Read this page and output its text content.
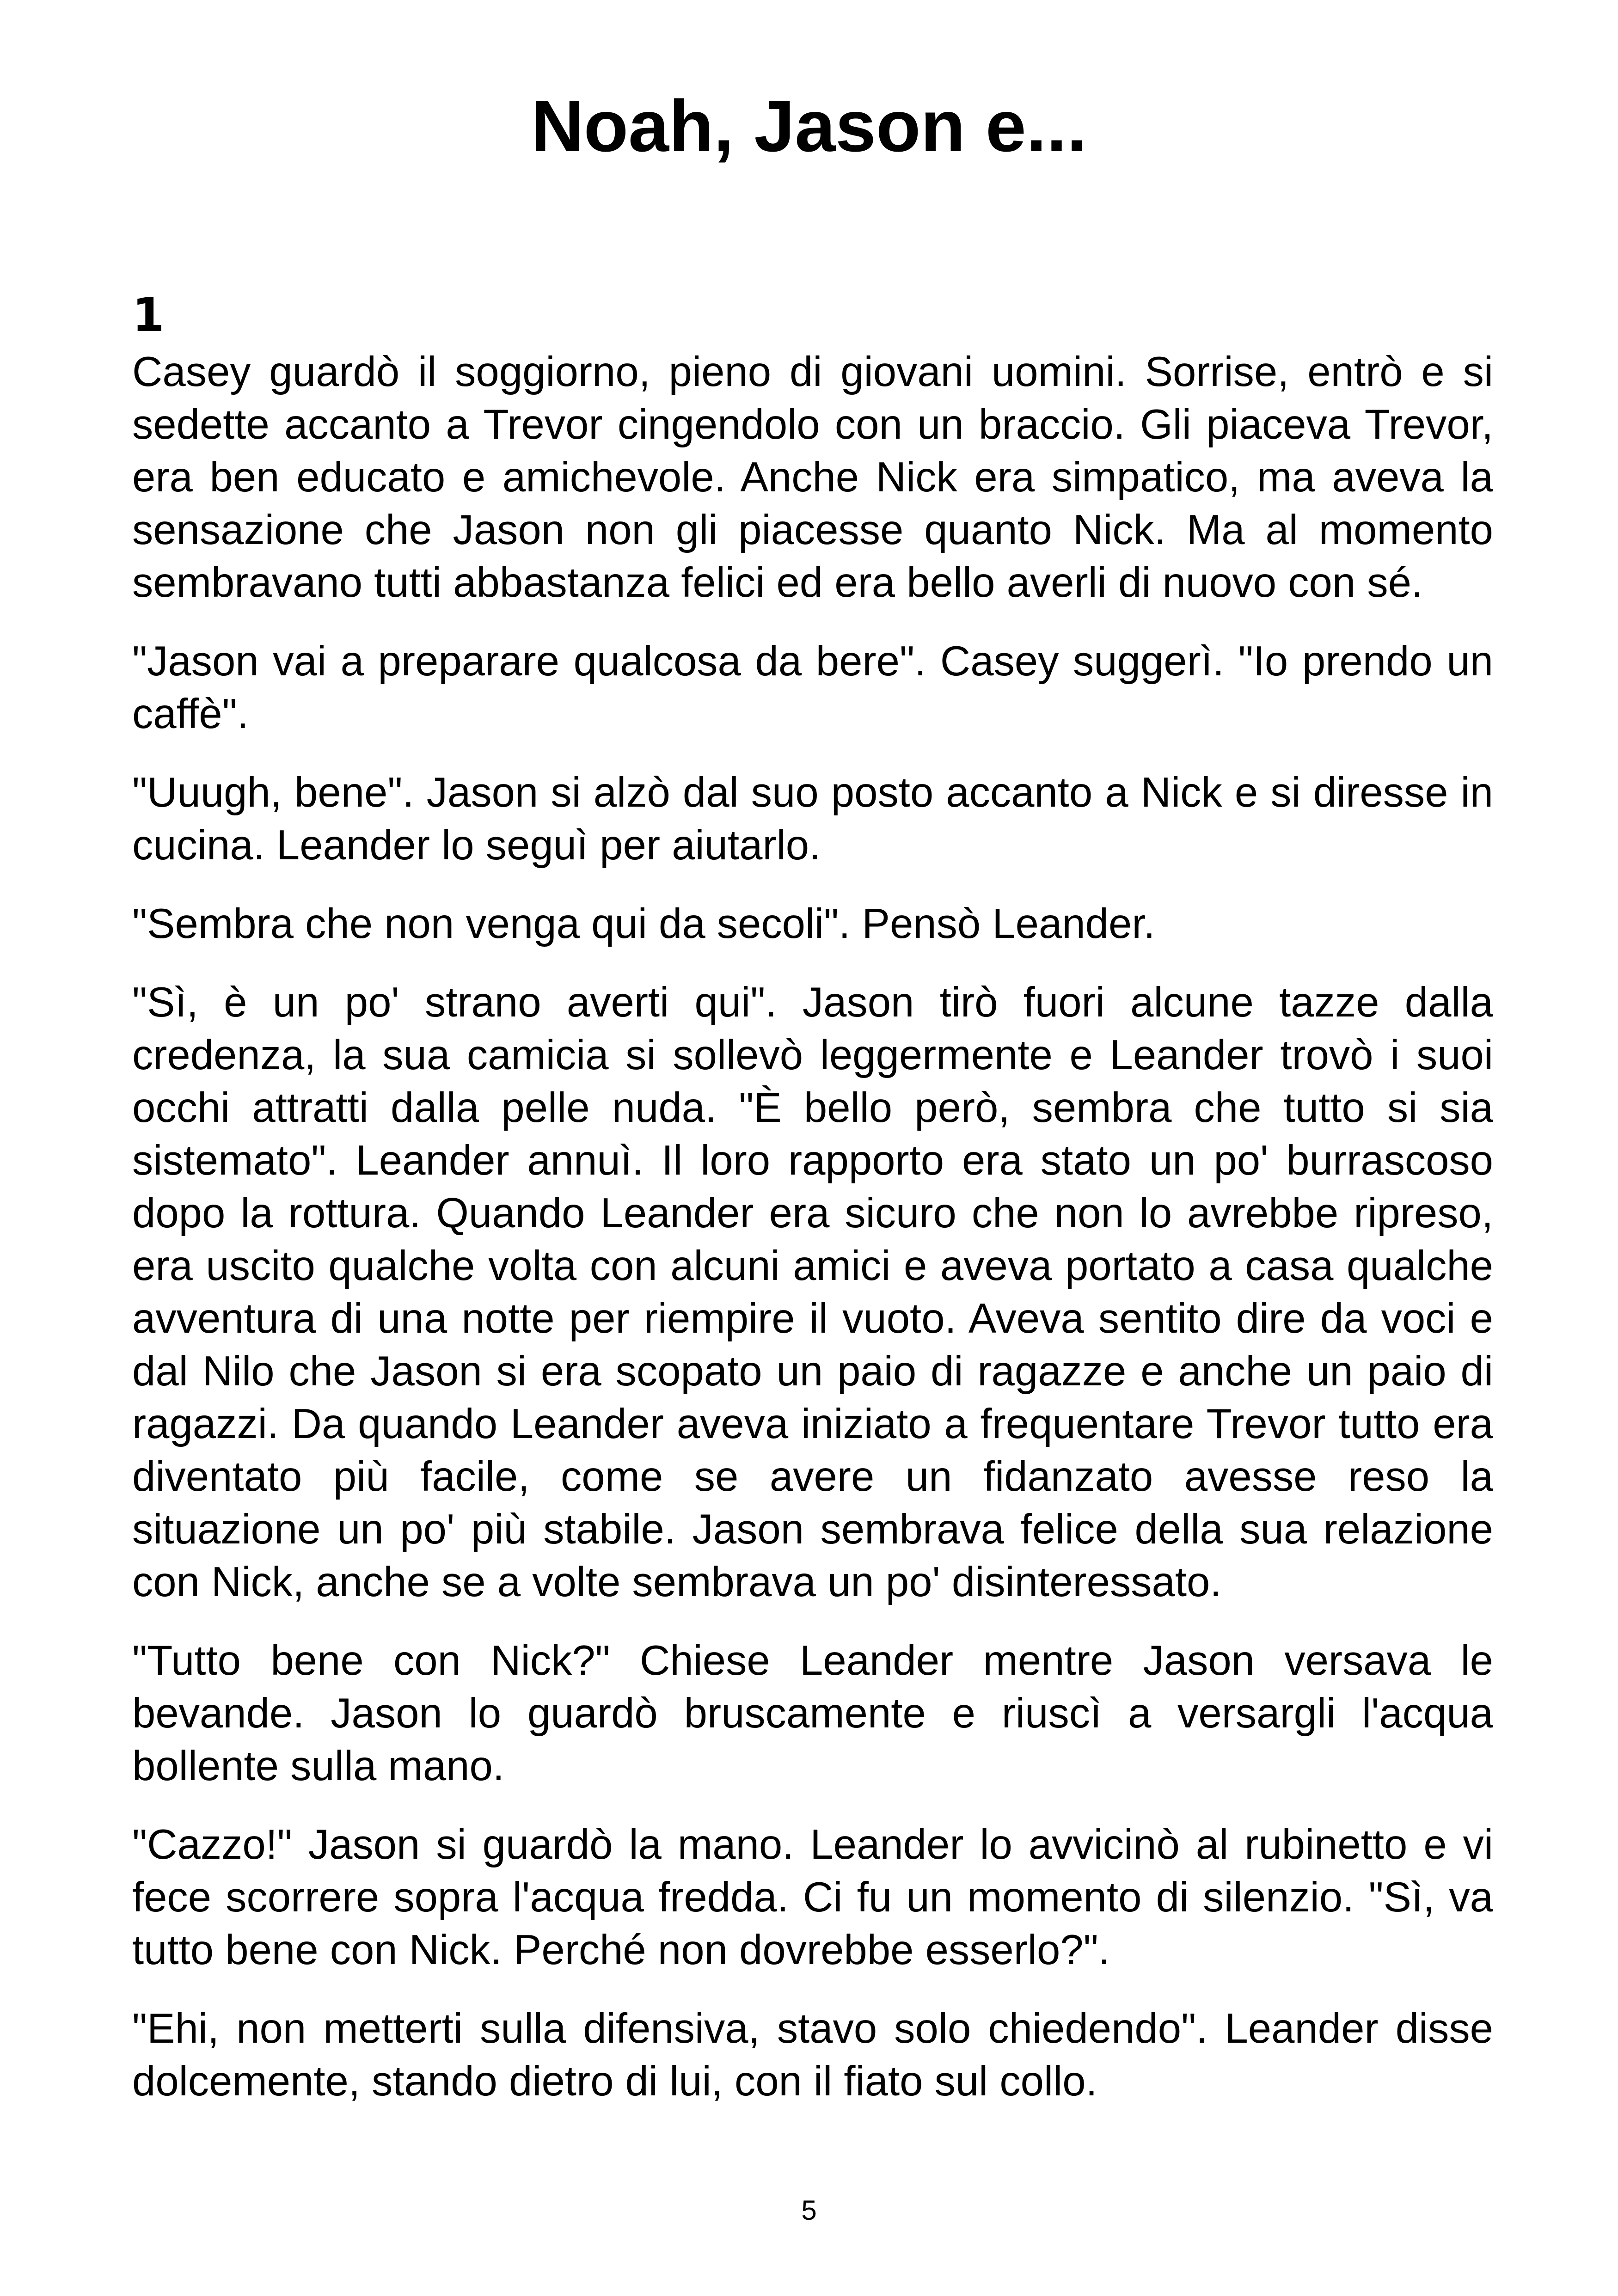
Noah, Jason e...
1

Casey guardò il soggiorno, pieno di giovani uomini. Sorrise, entrò e si sedette accanto a Trevor cingendolo con un braccio. Gli piaceva Trevor, era ben educato e amichevole. Anche Nick era simpatico, ma aveva la sensazione che Jason non gli piacesse quanto Nick. Ma al momento sembravano tutti abbastanza felici ed era bello averli di nuovo con sé.

"Jason vai a preparare qualcosa da bere". Casey suggerì. "Io prendo un caffè".

"Uuugh, bene". Jason si alzò dal suo posto accanto a Nick e si diresse in cucina. Leander lo seguì per aiutarlo.

"Sembra che non venga qui da secoli". Pensò Leander.

"Sì, è un po' strano averti qui". Jason tirò fuori alcune tazze dalla credenza, la sua camicia si sollevò leggermente e Leander trovò i suoi occhi attratti dalla pelle nuda. "È bello però, sembra che tutto si sia sistemato". Leander annuì. Il loro rapporto era stato un po' burrascoso dopo la rottura. Quando Leander era sicuro che non lo avrebbe ripreso, era uscito qualche volta con alcuni amici e aveva portato a casa qualche avventura di una notte per riempire il vuoto. Aveva sentito dire da voci e dal Nilo che Jason si era scopato un paio di ragazze e anche un paio di ragazzi. Da quando Leander aveva iniziato a frequentare Trevor tutto era diventato più facile, come se avere un fidanzato avesse reso la situazione un po' più stabile. Jason sembrava felice della sua relazione con Nick, anche se a volte sembrava un po' disinteressato.

"Tutto bene con Nick?" Chiese Leander mentre Jason versava le bevande. Jason lo guardò bruscamente e riuscì a versargli l'acqua bollente sulla mano.

"Cazzo!" Jason si guardò la mano. Leander lo avvicinò al rubinetto e vi fece scorrere sopra l'acqua fredda. Ci fu un momento di silenzio. "Sì, va tutto bene con Nick. Perché non dovrebbe esserlo?".

"Ehi, non metterti sulla difensiva, stavo solo chiedendo". Leander disse dolcemente, stando dietro di lui, con il fiato sul collo.

5
